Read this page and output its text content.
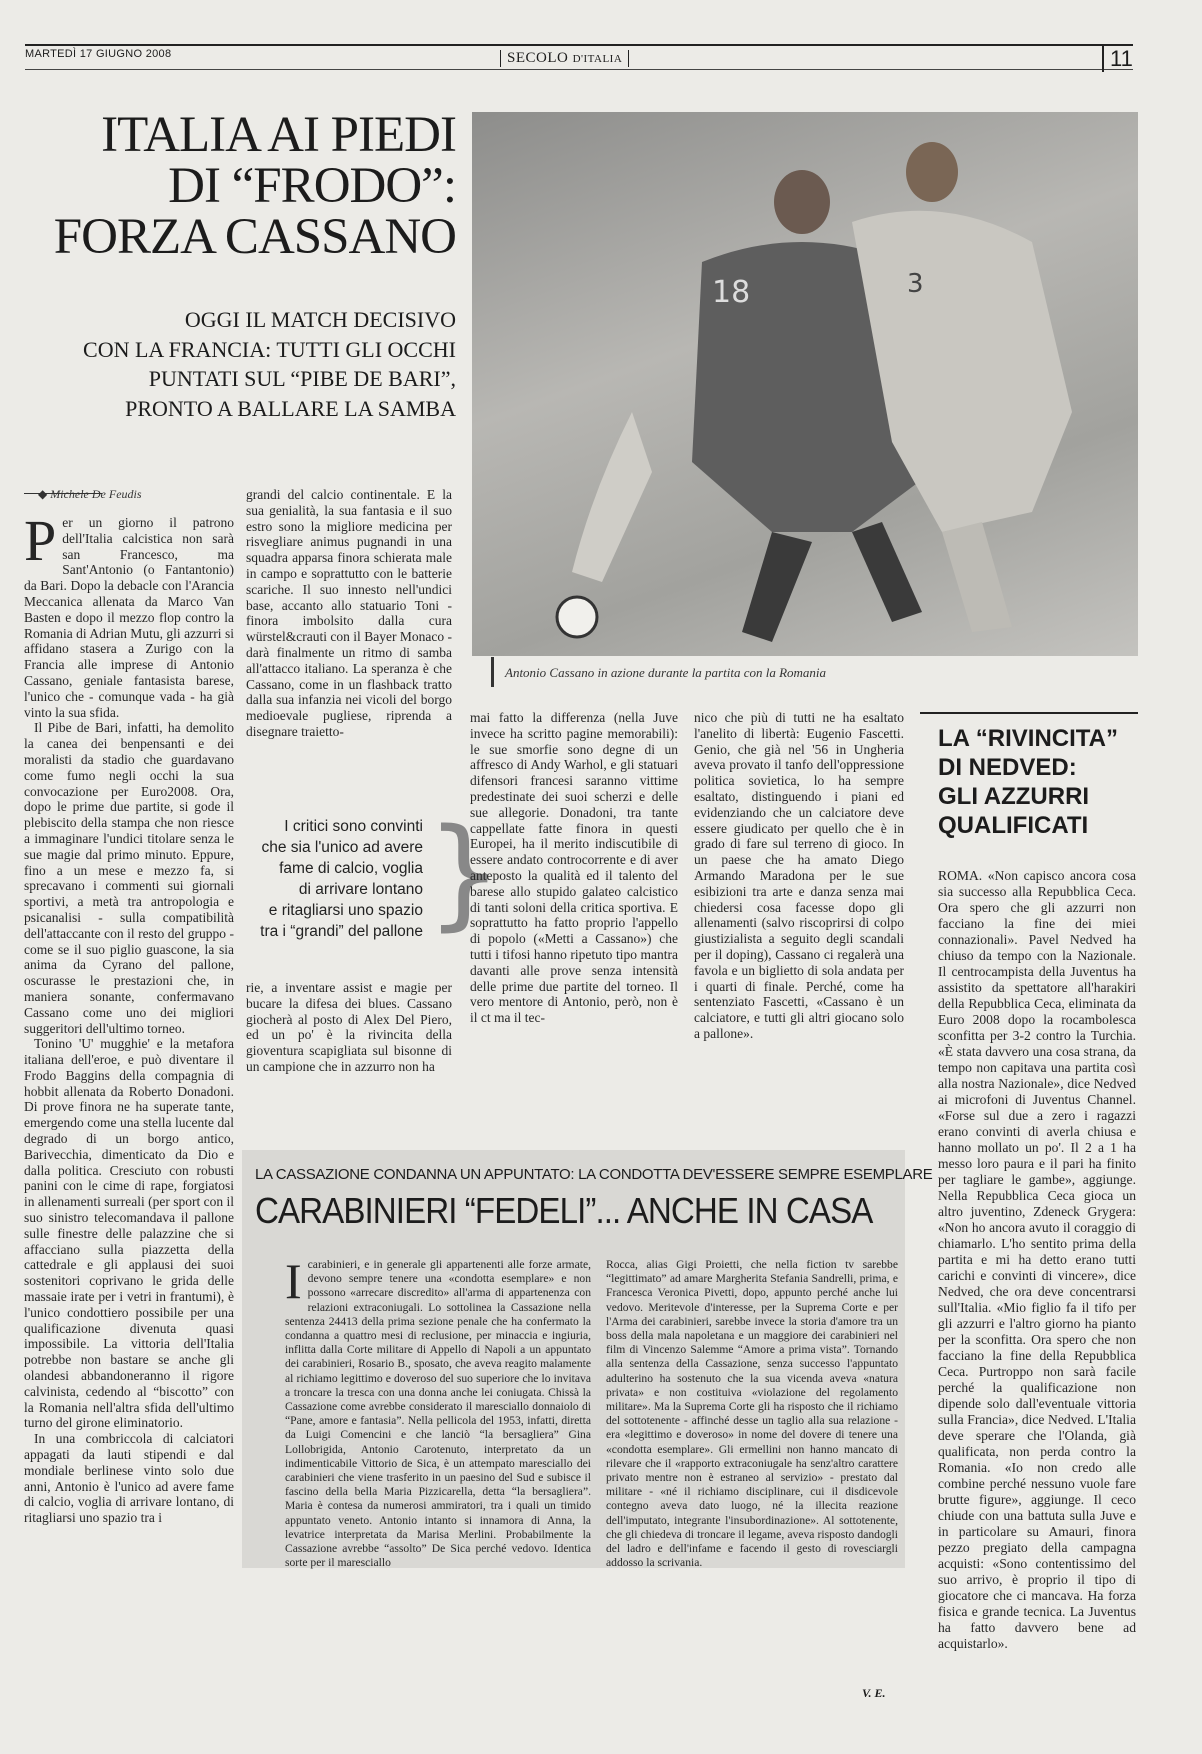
MARTEDÌ 17 GIUGNO 2008	SECOLO D'ITALIA	11
ITALIA AI PIEDI
DI “FRODO”:
FORZA CASSANO
OGGI IL MATCH DECISIVO
CON LA FRANCIA: TUTTI GLI OCCHI
PUNTATI SUL “PIBE DE BARI”,
PRONTO A BALLARE LA SAMBA
18	3
Antonio Cassano in azione durante la partita con la Romania
◆ Michele De Feudis
P er un giorno il patrono dell'Italia calcistica non sarà san Francesco, ma Sant'Antonio (o Fantantonio) da Bari. Dopo la debacle con l'Arancia Meccanica allenata da Marco Van Basten e dopo il mezzo flop contro la Romania di Adrian Mutu, gli azzurri si affidano stasera a Zurigo con la Francia alle imprese di Antonio Cassano, geniale fantasista barese, l'unico che - comunque vada - ha già vinto la sua sfida.

Il Pibe de Bari, infatti, ha demolito la canea dei benpensanti e dei moralisti da stadio che guardavano come fumo negli occhi la sua convocazione per Euro2008. Ora, dopo le prime due partite, si gode il plebiscito della stampa che non riesce a immaginare l'undici titolare senza le sue magie dal primo minuto. Eppure, fino a un mese e mezzo fa, si sprecavano i commenti sui giornali sportivi, a metà tra antropologia e psicanalisi - sulla compatibilità dell'attaccante con il resto del gruppo - come se il suo piglio guascone, la sia anima da Cyrano del pallone, oscurasse le prestazioni che, in maniera sonante, confermavano Cassano come uno dei migliori suggeritori dell'ultimo torneo.

Tonino 'U' mugghie' e la metafora italiana dell'eroe, e può diventare il Frodo Baggins della compagnia di hobbit allenata da Roberto Donadoni. Di prove finora ne ha superate tante, emergendo come una stella lucente dal degrado di un borgo antico, Barivecchia, dimenticato da Dio e dalla politica. Cresciuto con robusti panini con le cime di rape, forgiatosi in allenamenti surreali (per sport con il suo sinistro telecomandava il pallone sulle finestre delle palazzine che si affacciano sulla piazzetta della cattedrale e gli applausi dei suoi sostenitori coprivano le grida delle massaie irate per i vetri in frantumi), è l'unico condottiero possibile per una qualificazione divenuta quasi impossibile. La vittoria dell'Italia potrebbe non bastare se anche gli olandesi abbandoneranno il rigore calvinista, cedendo al “biscotto” con la Romania nell'altra sfida dell'ultimo turno del girone eliminatorio.

In una combriccola di calciatori appagati da lauti stipendi e dal mondiale berlinese vinto solo due anni, Antonio è l'unico ad avere fame di calcio, voglia di arrivare lontano, di ritagliarsi uno spazio tra i

grandi del calcio continentale. E la sua genialità, la sua fantasia e il suo estro sono la migliore medicina per risvegliare animus pugnandi in una squadra apparsa finora schierata male in campo e soprattutto con le batterie scariche. Il suo innesto nell'undici base, accanto allo statuario Toni - finora imbolsito dalla cura würstel&crauti con il Bayer Monaco - darà finalmente un ritmo di samba all'attacco italiano. La speranza è che Cassano, come in un flashback tratto dalla sua infanzia nei vicoli del borgo medioevale pugliese, riprenda a disegnare traietto-

I critici sono convinti
che sia l'unico ad avere
fame di calcio, voglia
di arrivare lontano
e ritagliarsi uno spazio
tra i “grandi” del pallone }

rie, a inventare assist e magie per bucare la difesa dei blues. Cassano giocherà al posto di Alex Del Piero, ed un po' è la rivincita della gioventura scapigliata sul bisonne di un campione che in azzurro non ha

mai fatto la differenza (nella Juve invece ha scritto pagine memorabili): le sue smorfie sono degne di un affresco di Andy Warhol, e gli statuari difensori francesi saranno vittime predestinate dei suoi scherzi e delle sue allegorie. Donadoni, tra tante cappellate fatte finora in questi Europei, ha il merito indiscutibile di essere andato controcorrente e di aver anteposto la qualità ed il talento del barese allo stupido galateo calcistico di tanti soloni della critica sportiva. E soprattutto ha fatto proprio l'appello di popolo («Metti a Cassano») che tutti i tifosi hanno ripetuto tipo mantra davanti alle prove senza intensità delle prime due partite del torneo. Il vero mentore di Antonio, però, non è il ct ma il tec-

nico che più di tutti ne ha esaltato l'anelito di libertà: Eugenio Fascetti. Genio, che già nel '56 in Ungheria aveva provato il tanfo dell'oppressione politica sovietica, lo ha sempre esaltato, distinguendo i piani ed evidenziando che un calciatore deve essere giudicato per quello che è in grado di fare sul terreno di gioco. In un paese che ha amato Diego Armando Maradona per le sue esibizioni tra arte e danza senza mai chiedersi cosa facesse dopo gli allenamenti (salvo riscoprirsi di colpo giustizialista a seguito degli scandali per il doping), Cassano ci regalerà una favola e un biglietto di sola andata per i quarti di finale. Perché, come ha sentenziato Fascetti, «Cassano è un calciatore, e tutti gli altri giocano solo a pallone».

LA “RIVINCITA”
DI NEDVED:
GLI AZZURRI
QUALIFICATI

ROMA. «Non capisco ancora cosa sia successo alla Repubblica Ceca. Ora spero che gli azzurri non facciano la fine dei miei connazionali». Pavel Nedved ha chiuso da tempo con la Nazionale. Il centrocampista della Juventus ha assistito da spettatore all'harakiri della Repubblica Ceca, eliminata da Euro 2008 dopo la rocambolesca sconfitta per 3-2 contro la Turchia. «È stata davvero una cosa strana, da tempo non capitava una partita così alla nostra Nazionale», dice Nedved ai microfoni di Juventus Channel. «Forse sul due a zero i ragazzi erano convinti di averla chiusa e hanno mollato un po'. Il 2 a 1 ha messo loro paura e il pari ha finito per tagliare le gambe», aggiunge. Nella Repubblica Ceca gioca un altro juventino, Zdeneck Grygera: «Non ho ancora avuto il coraggio di chiamarlo. L'ho sentito prima della partita e mi ha detto erano tutti carichi e convinti di vincere», dice Nedved, che ora deve concentrarsi sull'Italia. «Mio figlio fa il tifo per gli azzurri e l'altro giorno ha pianto per la sconfitta. Ora spero che non facciano la fine della Repubblica Ceca. Purtroppo non sarà facile perché la qualificazione non dipende solo dall'eventuale vittoria sulla Francia», dice Nedved. L'Italia deve sperare che l'Olanda, già qualificata, non perda contro la Romania. «Io non credo alle combine perché nessuno vuole fare brutte figure», aggiunge. Il ceco chiude con una battuta sulla Juve e in particolare su Amauri, finora pezzo pregiato della campagna acquisti: «Sono contentissimo del suo arrivo, è proprio il tipo di giocatore che ci mancava. Ha forza fisica e grande tecnica. La Juventus ha fatto davvero bene ad acquistarlo».

LA CASSAZIONE CONDANNA UN APPUNTATO: LA CONDOTTA DEV'ESSERE SEMPRE ESEMPLARE
CARABINIERI “FEDELI”... ANCHE IN CASA
I carabinieri, e in generale gli appartenenti alle forze armate, devono sempre tenere una «condotta esemplare» e non possono «arrecare discredito» all'arma di appartenenza con relazioni extraconiugali. Lo sottolinea la Cassazione nella sentenza 24413 della prima sezione penale che ha confermato la condanna a quattro mesi di reclusione, per minaccia e ingiuria, inflitta dalla Corte militare di Appello di Napoli a un appuntato dei carabinieri, Rosario B., sposato, che aveva reagito malamente al richiamo legittimo e doveroso del suo superiore che lo invitava a troncare la tresca con una donna anche lei coniugata. Chissà la Cassazione come avrebbe considerato il maresciallo donnaiolo di “Pane, amore e fantasia”. Nella pellicola del 1953, infatti, diretta da Luigi Comencini e che lanciò “la bersagliera” Gina Lollobrigida, Antonio Carotenuto, interpretato da un indimenticabile Vittorio de Sica, è un attempato maresciallo dei carabinieri che viene trasferito in un paesino del Sud e subisce il fascino della bella Maria Pizzicarella, detta “la bersagliera”. Maria è contesa da numerosi ammiratori, tra i quali un timido appuntato veneto. Antonio intanto si innamora di Anna, la levatrice interpretata da Marisa Merlini. Probabilmente la Cassazione avrebbe “assolto” De Sica perché vedovo. Identica sorte per il maresciallo

Rocca, alias Gigi Proietti, che nella fiction tv sarebbe “legittimato” ad amare Margherita Stefania Sandrelli, prima, e Francesca Veronica Pivetti, dopo, appunto perché anche lui vedovo. Meritevole d'interesse, per la Suprema Corte e per l'Arma dei carabinieri, sarebbe invece la storia d'amore tra un boss della mala napoletana e un maggiore dei carabinieri nel film di Vincenzo Salemme “Amore a prima vista”. Tornando alla sentenza della Cassazione, senza successo l'appuntato adulterino ha sostenuto che la sua vicenda aveva «natura privata» e non costituiva «violazione del regolamento militare». Ma la Suprema Corte gli ha risposto che il richiamo del sottotenente - affinché desse un taglio alla sua relazione - era «legittimo e doveroso» in nome del dovere di tenere una «condotta esemplare». Gli ermellini non hanno mancato di rilevare che il «rapporto extraconiugale ha senz'altro carattere privato mentre non è estraneo al servizio» - prestato dal militare - «né il richiamo disciplinare, cui il disdicevole contegno aveva dato luogo, né la illecita reazione dell'imputato, integrante l'insubordinazione». Al sottotenente, che gli chiedeva di troncare il legame, aveva risposto dandogli del ladro e dell'infame e facendo il gesto di rovesciargli addosso la scrivania.

V. E.
